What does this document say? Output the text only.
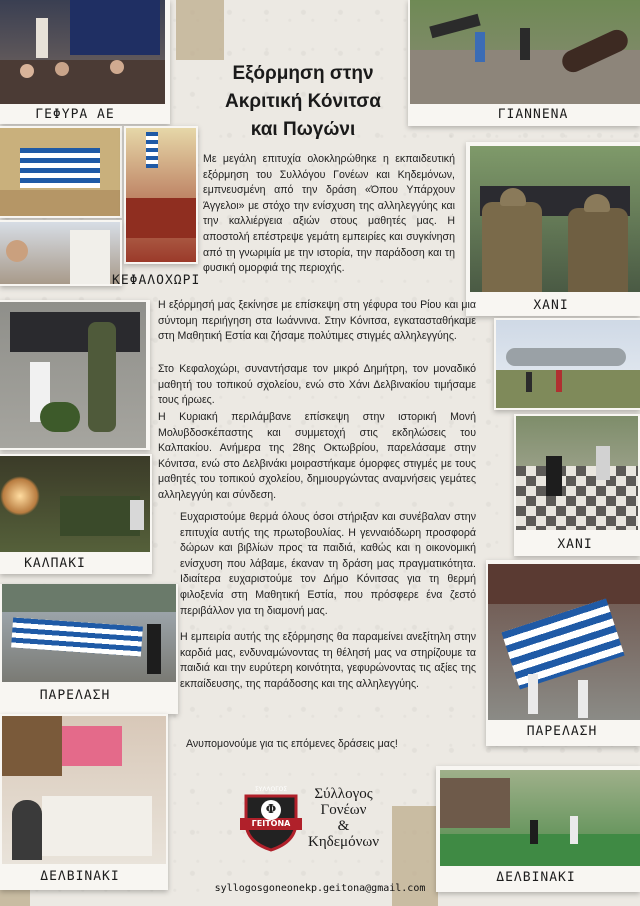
Εξόρμηση στην
Ακριτική Κόνιτσα
και Πωγώνι
ΓΕΦΥΡΑ ΑΕ	ΓΙΑΝΝΕΝΑ
ΚΕΦΑΛΟΧΩΡΙ
ΧΑΝΙ

Με μεγάλη επιτυχία ολοκληρώθηκε η εκπαιδευτική εξόρμηση του Συλλόγου Γονέων και Κηδεμόνων, εμπνευσμένη από την δράση «Όπου Υπάρχουν Άγγελοι» με στόχο την ενίσχυση της αλληλεγγύης και την καλλιέργεια αξιών στους μαθητές μας. Η αποστολή επέστρεψε γεμάτη εμπειρίες και συγκίνηση από τη γνωριμία με την ιστορία, την παράδοση και τη φυσική ομορφιά της περιοχής.

Η εξόρμησή μας ξεκίνησε με επίσκεψη στη γέφυρα του Ρίου και μια σύντομη περιήγηση στα Ιωάννινα. Στην Κόνιτσα, εγκατασταθήκαμε στη Μαθητική Εστία και ζήσαμε πολύτιμες στιγμές αλληλεγγύης.

Στο Κεφαλοχώρι, συναντήσαμε τον μικρό Δημήτρη, τον μοναδικό μαθητή του τοπικού σχολείου, ενώ στο Χάνι Δελβινακίου τιμήσαμε τους ήρωες.

Η Κυριακή περιλάμβανε επίσκεψη στην ιστορική Μονή Μολυβδοσκέπαστης και συμμετοχή στις εκδηλώσεις του Καλπακίου. Ανήμερα της 28ης Οκτωβρίου, παρελάσαμε στην Κόνιτσα, ενώ στο Δελβινάκι μοιραστήκαμε όμορφες στιγμές με τους μαθητές του τοπικού σχολείου, δημιουργώντας αναμνήσεις γεμάτες αλληλεγγύη και σύνδεση.

ΧΑΝΙ
ΚΑΛΠΑΚΙ

Ευχαριστούμε θερμά όλους όσοι στήριξαν και συνέβαλαν στην επιτυχία αυτής της πρωτοβουλίας. Η γενναιόδωρη προσφορά δώρων και βιβλίων προς τα παιδιά, καθώς και η οικονομική ενίσχυση που λάβαμε, έκαναν τη δράση μας πραγματικότητα. Ιδιαίτερα ευχαριστούμε τον Δήμο Κόνιτσας για τη θερμή φιλοξενία στη Μαθητική Εστία, που πρόσφερε ένα ζεστό περιβάλλον για τη διαμονή μας.

ΠΑΡΕΛΑΣΗ
ΠΑΡΕΛΑΣΗ

Η εμπειρία αυτής της εξόρμησης θα παραμείνει ανεξίτηλη στην καρδιά μας, ενδυναμώνοντας τη θέλησή μας να στηρίζουμε τα παιδιά και την ευρύτερη κοινότητα, γεφυρώνοντας τις αξίες της εκπαίδευσης, της παράδοσης και της αλληλεγγύης.

Ανυπομονούμε για τις επόμενες δράσεις μας!

ΔΕΛΒΙΝΑΚΙ
ΣΥΛΛΟΓΟΣ
Φ
ΓΕΙΤΟΝΑ
Σύλλογος
Γονέων
&
Κηδεμόνων
ΔΕΛΒΙΝΑΚΙ
syllogosgoneonekp.geitona@gmail.com
